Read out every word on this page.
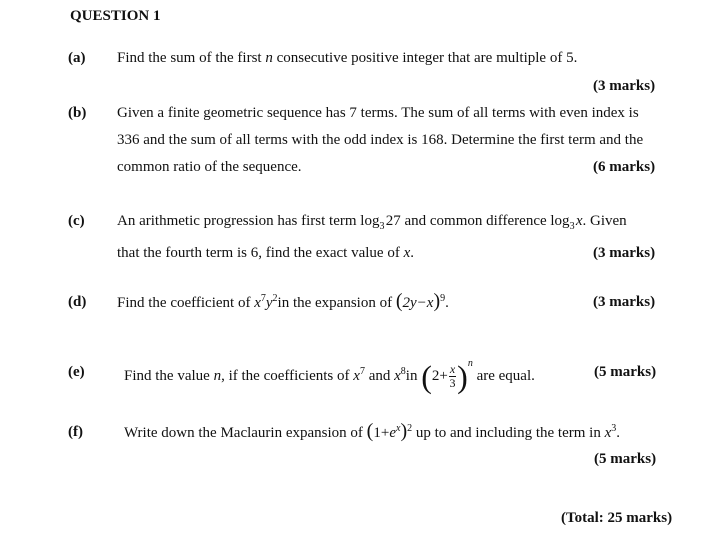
QUESTION 1
(a) Find the sum of the first n consecutive positive integer that are multiple of 5.
(3 marks)
(b) Given a finite geometric sequence has 7 terms. The sum of all terms with even index is
336 and the sum of all terms with the odd index is 168. Determine the first term and the
common ratio of the sequence.	(6 marks)
(c) An arithmetic progression has first term $\log_3$ 27 and common difference $\log_3$ x. Given
that the fourth term is 6, find the exact value of x.	(3 marks)
(d) Find the coefficient of $x^7y^2in$ the expansion of $(2y-x)^9$.	(3 marks)
(e)	Find the value n, if the coefficients of $x^7$ and $x^8in$ $(2+ \frac{x}{3} )^n$ are equal.	(5 marks)
(f)	Write down the Maclaurin expansion of $(1+e^x)^2$ up to and including the term in $x^3$.
(5 marks)
(Total: 25 marks)
